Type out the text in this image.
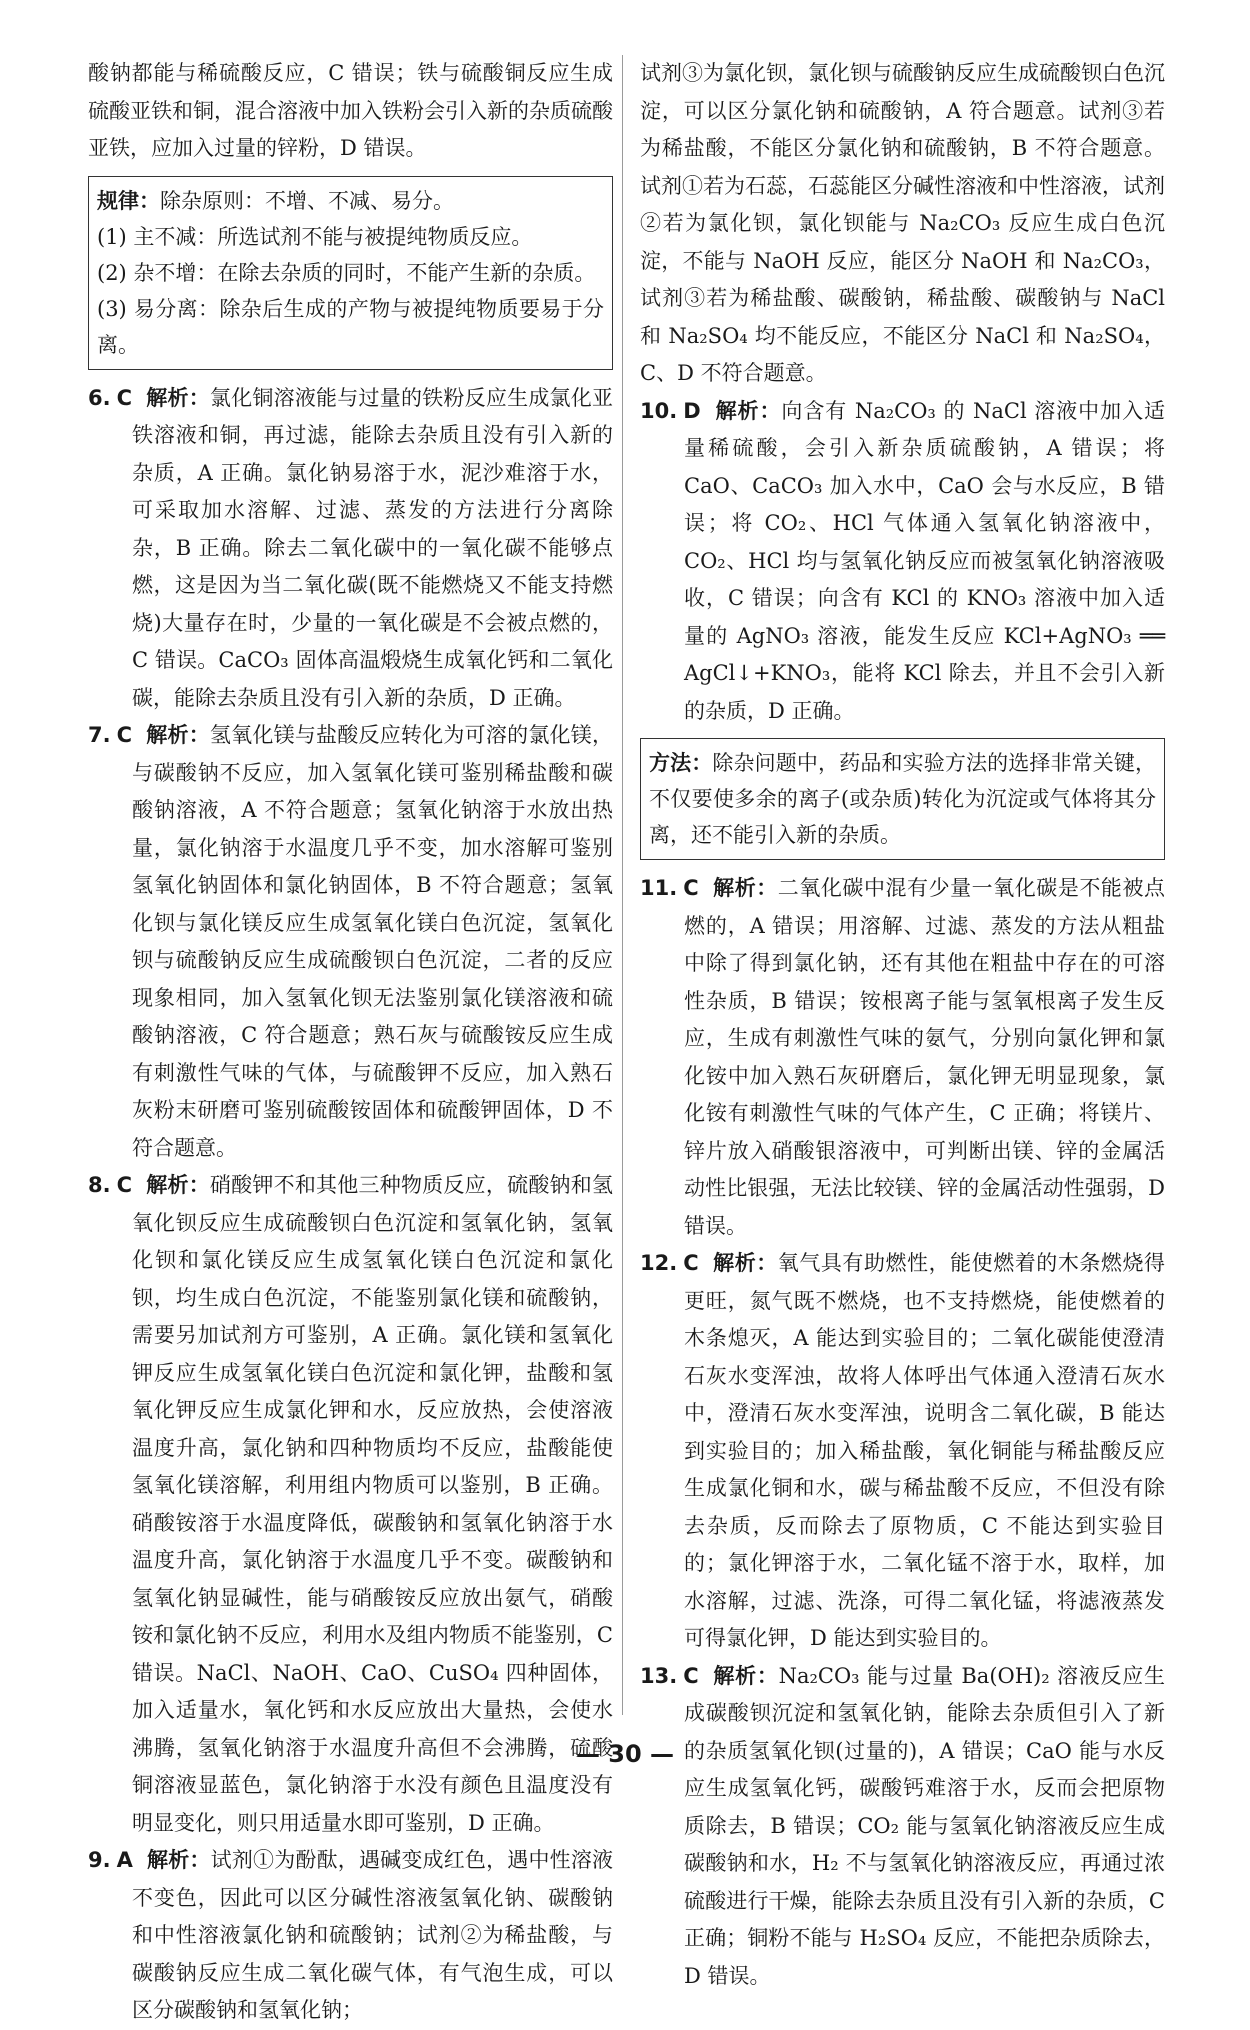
酸钠都能与稀硫酸反应，C 错误；铁与硫酸铜反应生成硫酸亚铁和铜，混合溶液中加入铁粉会引入新的杂质硫酸亚铁，应加入过量的锌粉，D 错误。

规律：除杂原则：不增、不减、易分。

(1) 主不减：所选试剂不能与被提纯物质反应。

(2) 杂不增：在除去杂质的同时，不能产生新的杂质。

(3) 易分离：除杂后生成的产物与被提纯物质要易于分离。

6. C 解析：氯化铜溶液能与过量的铁粉反应生成氯化亚铁溶液和铜，再过滤，能除去杂质且没有引入新的杂质，A 正确。氯化钠易溶于水，泥沙难溶于水，可采取加水溶解、过滤、蒸发的方法进行分离除杂，B 正确。除去二氧化碳中的一氧化碳不能够点燃，这是因为当二氧化碳(既不能燃烧又不能支持燃烧)大量存在时，少量的一氧化碳是不会被点燃的，C 错误。CaCO₃ 固体高温煅烧生成氧化钙和二氧化碳，能除去杂质且没有引入新的杂质，D 正确。

7. C 解析：氢氧化镁与盐酸反应转化为可溶的氯化镁，与碳酸钠不反应，加入氢氧化镁可鉴别稀盐酸和碳酸钠溶液，A 不符合题意；氢氧化钠溶于水放出热量，氯化钠溶于水温度几乎不变，加水溶解可鉴别氢氧化钠固体和氯化钠固体，B 不符合题意；氢氧化钡与氯化镁反应生成氢氧化镁白色沉淀，氢氧化钡与硫酸钠反应生成硫酸钡白色沉淀，二者的反应现象相同，加入氢氧化钡无法鉴别氯化镁溶液和硫酸钠溶液，C 符合题意；熟石灰与硫酸铵反应生成有刺激性气味的气体，与硫酸钾不反应，加入熟石灰粉末研磨可鉴别硫酸铵固体和硫酸钾固体，D 不符合题意。

8. C 解析：硝酸钾不和其他三种物质反应，硫酸钠和氢氧化钡反应生成硫酸钡白色沉淀和氢氧化钠，氢氧化钡和氯化镁反应生成氢氧化镁白色沉淀和氯化钡，均生成白色沉淀，不能鉴别氯化镁和硫酸钠，需要另加试剂方可鉴别，A 正确。氯化镁和氢氧化钾反应生成氢氧化镁白色沉淀和氯化钾，盐酸和氢氧化钾反应生成氯化钾和水，反应放热，会使溶液温度升高，氯化钠和四种物质均不反应，盐酸能使氢氧化镁溶解，利用组内物质可以鉴别，B 正确。硝酸铵溶于水温度降低，碳酸钠和氢氧化钠溶于水温度升高，氯化钠溶于水温度几乎不变。碳酸钠和氢氧化钠显碱性，能与硝酸铵反应放出氨气，硝酸铵和氯化钠不反应，利用水及组内物质不能鉴别，C 错误。NaCl、NaOH、CaO、CuSO₄ 四种固体，加入适量水，氧化钙和水反应放出大量热，会使水沸腾，氢氧化钠溶于水温度升高但不会沸腾，硫酸铜溶液显蓝色，氯化钠溶于水没有颜色且温度没有明显变化，则只用适量水即可鉴别，D 正确。

9. A 解析：试剂①为酚酞，遇碱变成红色，遇中性溶液不变色，因此可以区分碱性溶液氢氧化钠、碳酸钠和中性溶液氯化钠和硫酸钠；试剂②为稀盐酸，与碳酸钠反应生成二氧化碳气体，有气泡生成，可以区分碳酸钠和氢氧化钠；

试剂③为氯化钡，氯化钡与硫酸钠反应生成硫酸钡白色沉淀，可以区分氯化钠和硫酸钠，A 符合题意。试剂③若为稀盐酸，不能区分氯化钠和硫酸钠，B 不符合题意。试剂①若为石蕊，石蕊能区分碱性溶液和中性溶液，试剂②若为氯化钡，氯化钡能与 Na₂CO₃ 反应生成白色沉淀，不能与 NaOH 反应，能区分 NaOH 和 Na₂CO₃，试剂③若为稀盐酸、碳酸钠，稀盐酸、碳酸钠与 NaCl 和 Na₂SO₄ 均不能反应，不能区分 NaCl 和 Na₂SO₄，C、D 不符合题意。

10. D 解析：向含有 Na₂CO₃ 的 NaCl 溶液中加入适量稀硫酸，会引入新杂质硫酸钠，A 错误；将 CaO、CaCO₃ 加入水中，CaO 会与水反应，B 错误；将 CO₂、HCl 气体通入氢氧化钠溶液中，CO₂、HCl 均与氢氧化钠反应而被氢氧化钠溶液吸收，C 错误；向含有 KCl 的 KNO₃ 溶液中加入适量的 AgNO₃ 溶液，能发生反应 KCl+AgNO₃ ══ AgCl↓+KNO₃，能将 KCl 除去，并且不会引入新的杂质，D 正确。

方法：除杂问题中，药品和实验方法的选择非常关键，不仅要使多余的离子(或杂质)转化为沉淀或气体将其分离，还不能引入新的杂质。

11. C 解析：二氧化碳中混有少量一氧化碳是不能被点燃的，A 错误；用溶解、过滤、蒸发的方法从粗盐中除了得到氯化钠，还有其他在粗盐中存在的可溶性杂质，B 错误；铵根离子能与氢氧根离子发生反应，生成有刺激性气味的氨气，分别向氯化钾和氯化铵中加入熟石灰研磨后，氯化钾无明显现象，氯化铵有刺激性气味的气体产生，C 正确；将镁片、锌片放入硝酸银溶液中，可判断出镁、锌的金属活动性比银强，无法比较镁、锌的金属活动性强弱，D 错误。

12. C 解析：氧气具有助燃性，能使燃着的木条燃烧得更旺，氮气既不燃烧，也不支持燃烧，能使燃着的木条熄灭，A 能达到实验目的；二氧化碳能使澄清石灰水变浑浊，故将人体呼出气体通入澄清石灰水中，澄清石灰水变浑浊，说明含二氧化碳，B 能达到实验目的；加入稀盐酸，氧化铜能与稀盐酸反应生成氯化铜和水，碳与稀盐酸不反应，不但没有除去杂质，反而除去了原物质，C 不能达到实验目的；氯化钾溶于水，二氧化锰不溶于水，取样，加水溶解，过滤、洗涤，可得二氧化锰，将滤液蒸发可得氯化钾，D 能达到实验目的。

13. C 解析：Na₂CO₃ 能与过量 Ba(OH)₂ 溶液反应生成碳酸钡沉淀和氢氧化钠，能除去杂质但引入了新的杂质氢氧化钡(过量的)，A 错误；CaO 能与水反应生成氢氧化钙，碳酸钙难溶于水，反而会把原物质除去，B 错误；CO₂ 能与氢氧化钠溶液反应生成碳酸钠和水，H₂ 不与氢氧化钠溶液反应，再通过浓硫酸进行干燥，能除去杂质且没有引入新的杂质，C 正确；铜粉不能与 H₂SO₄ 反应，不能把杂质除去，D 错误。

— 30 —
